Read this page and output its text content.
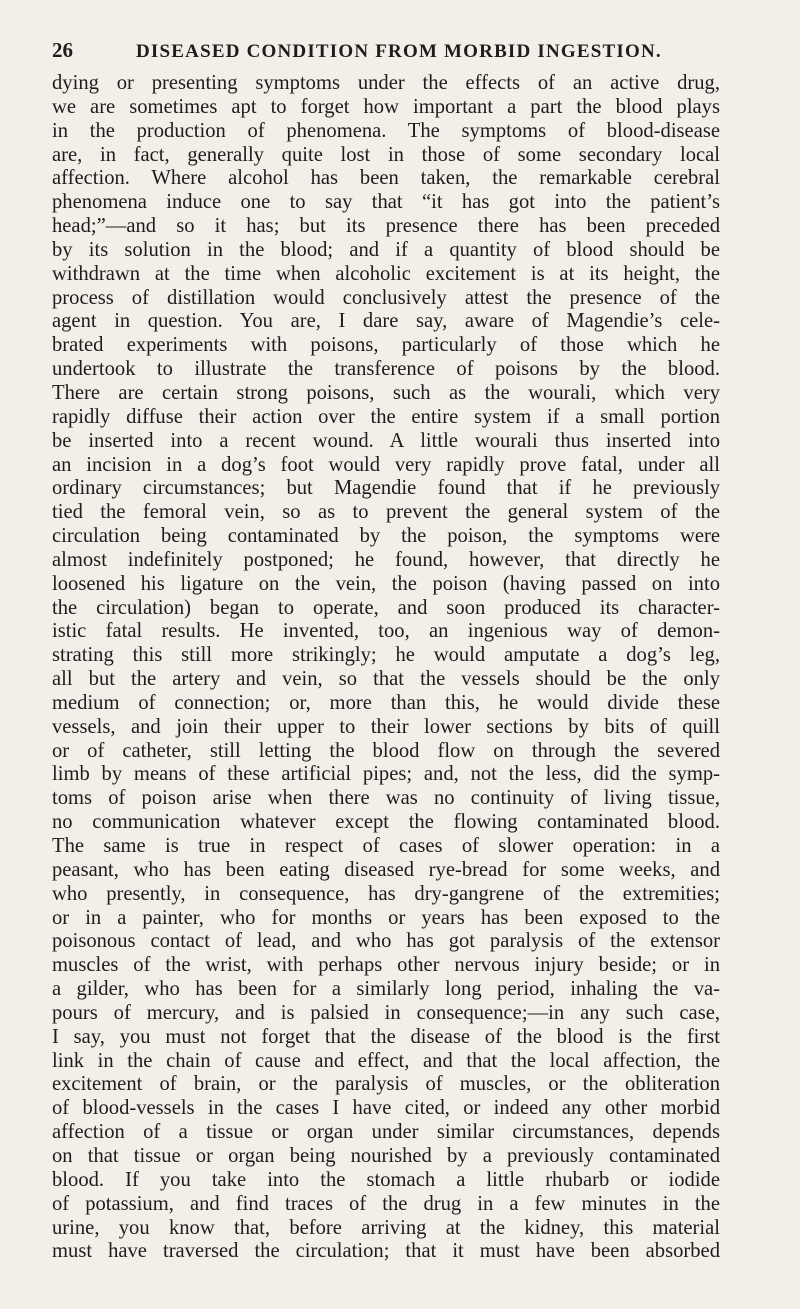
26	DISEASED CONDITION FROM MORBID INGESTION.
dying or presenting symptoms under the effects of an active drug,
we are sometimes apt to forget how important a part the blood plays
in the production of phenomena. The symptoms of blood-disease
are, in fact, generally quite lost in those of some secondary local
affection. Where alcohol has been taken, the remarkable cerebral
phenomena induce one to say that “it has got into the patient’s
head;”—and so it has; but its presence there has been preceded
by its solution in the blood; and if a quantity of blood should be
withdrawn at the time when alcoholic excitement is at its height, the
process of distillation would conclusively attest the presence of the
agent in question. You are, I dare say, aware of Magendie’s cele-
brated experiments with poisons, particularly of those which he
undertook to illustrate the transference of poisons by the blood.
There are certain strong poisons, such as the wourali, which very
rapidly diffuse their action over the entire system if a small portion
be inserted into a recent wound. A little wourali thus inserted into
an incision in a dog’s foot would very rapidly prove fatal, under all
ordinary circumstances; but Magendie found that if he previously
tied the femoral vein, so as to prevent the general system of the
circulation being contaminated by the poison, the symptoms were
almost indefinitely postponed; he found, however, that directly he
loosened his ligature on the vein, the poison (having passed on into
the circulation) began to operate, and soon produced its character-
istic fatal results. He invented, too, an ingenious way of demon-
strating this still more strikingly; he would amputate a dog’s leg,
all but the artery and vein, so that the vessels should be the only
medium of connection; or, more than this, he would divide these
vessels, and join their upper to their lower sections by bits of quill
or of catheter, still letting the blood flow on through the severed
limb by means of these artificial pipes; and, not the less, did the symp-
toms of poison arise when there was no continuity of living tissue,
no communication whatever except the flowing contaminated blood.
The same is true in respect of cases of slower operation: in a
peasant, who has been eating diseased rye-bread for some weeks, and
who presently, in consequence, has dry-gangrene of the extremities;
or in a painter, who for months or years has been exposed to the
poisonous contact of lead, and who has got paralysis of the extensor
muscles of the wrist, with perhaps other nervous injury beside; or in
a gilder, who has been for a similarly long period, inhaling the va-
pours of mercury, and is palsied in consequence;—in any such case,
I say, you must not forget that the disease of the blood is the first
link in the chain of cause and effect, and that the local affection, the
excitement of brain, or the paralysis of muscles, or the obliteration
of blood-vessels in the cases I have cited, or indeed any other morbid
affection of a tissue or organ under similar circumstances, depends
on that tissue or organ being nourished by a previously contaminated
blood. If you take into the stomach a little rhubarb or iodide
of potassium, and find traces of the drug in a few minutes in the
urine, you know that, before arriving at the kidney, this material
must have traversed the circulation; that it must have been absorbed
